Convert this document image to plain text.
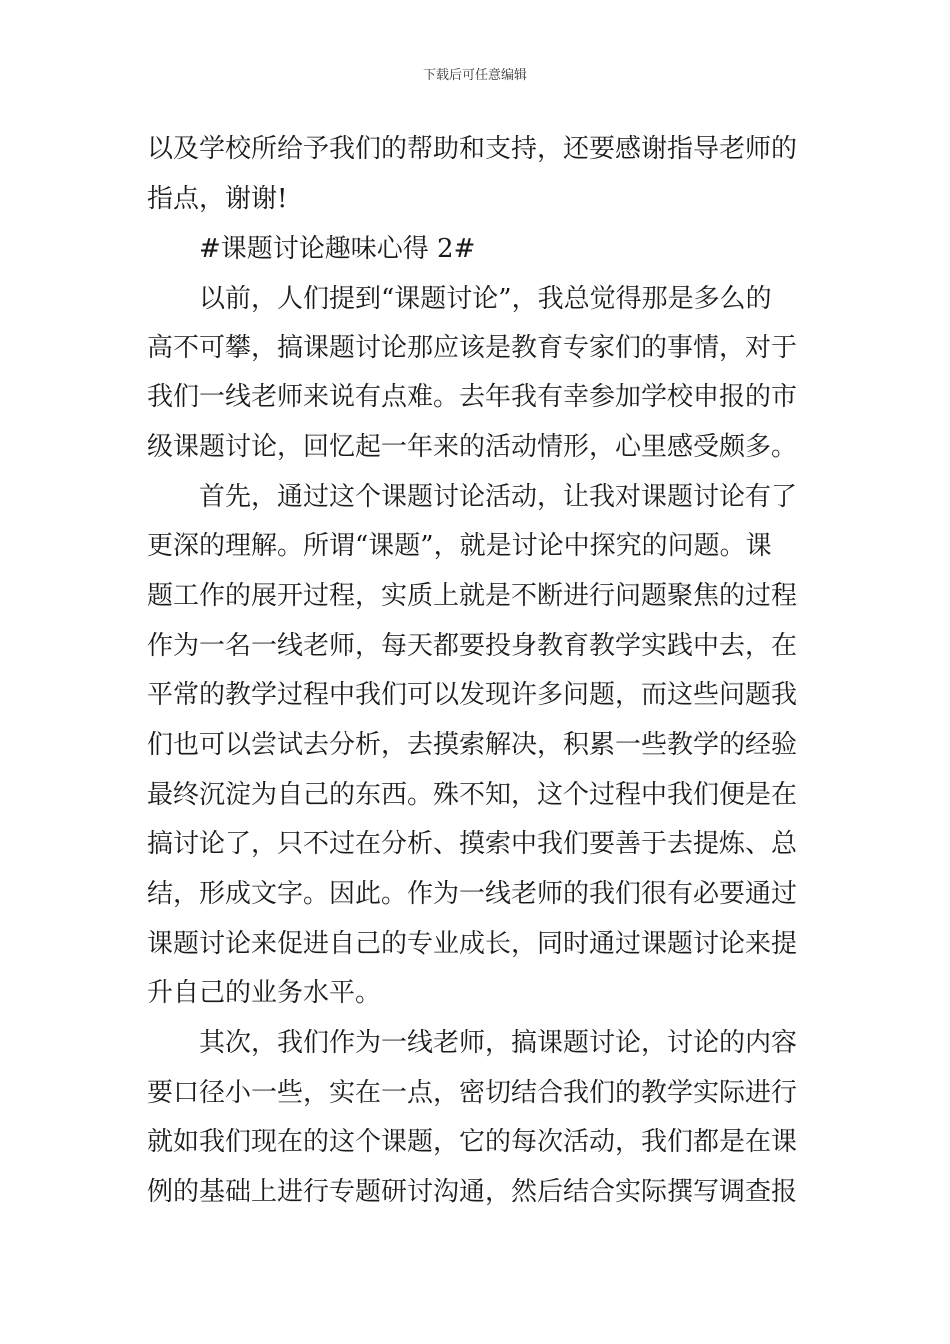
下载后可任意编辑
以及学校所给予我们的帮助和支持，还要感谢指导老师的
指点，谢谢!
　　#课题讨论趣味心得 2#
　　以前，人们提到“课题讨论”，我总觉得那是多么的
高不可攀，搞课题讨论那应该是教育专家们的事情，对于
我们一线老师来说有点难。去年我有幸参加学校申报的市
级课题讨论，回忆起一年来的活动情形，心里感受颇多。
　　首先，通过这个课题讨论活动，让我对课题讨论有了
更深的理解。所谓“课题”，就是讨论中探究的问题。课
题工作的展开过程，实质上就是不断进行问题聚焦的过程
作为一名一线老师，每天都要投身教育教学实践中去，在
平常的教学过程中我们可以发现许多问题，而这些问题我
们也可以尝试去分析，去摸索解决，积累一些教学的经验
最终沉淀为自己的东西。殊不知，这个过程中我们便是在
搞讨论了，只不过在分析、摸索中我们要善于去提炼、总
结，形成文字。因此。作为一线老师的我们很有必要通过
课题讨论来促进自己的专业成长，同时通过课题讨论来提
升自己的业务水平。
　　其次，我们作为一线老师，搞课题讨论，讨论的内容
要口径小一些，实在一点，密切结合我们的教学实际进行
就如我们现在的这个课题，它的每次活动，我们都是在课
例的基础上进行专题研讨沟通，然后结合实际撰写调查报
